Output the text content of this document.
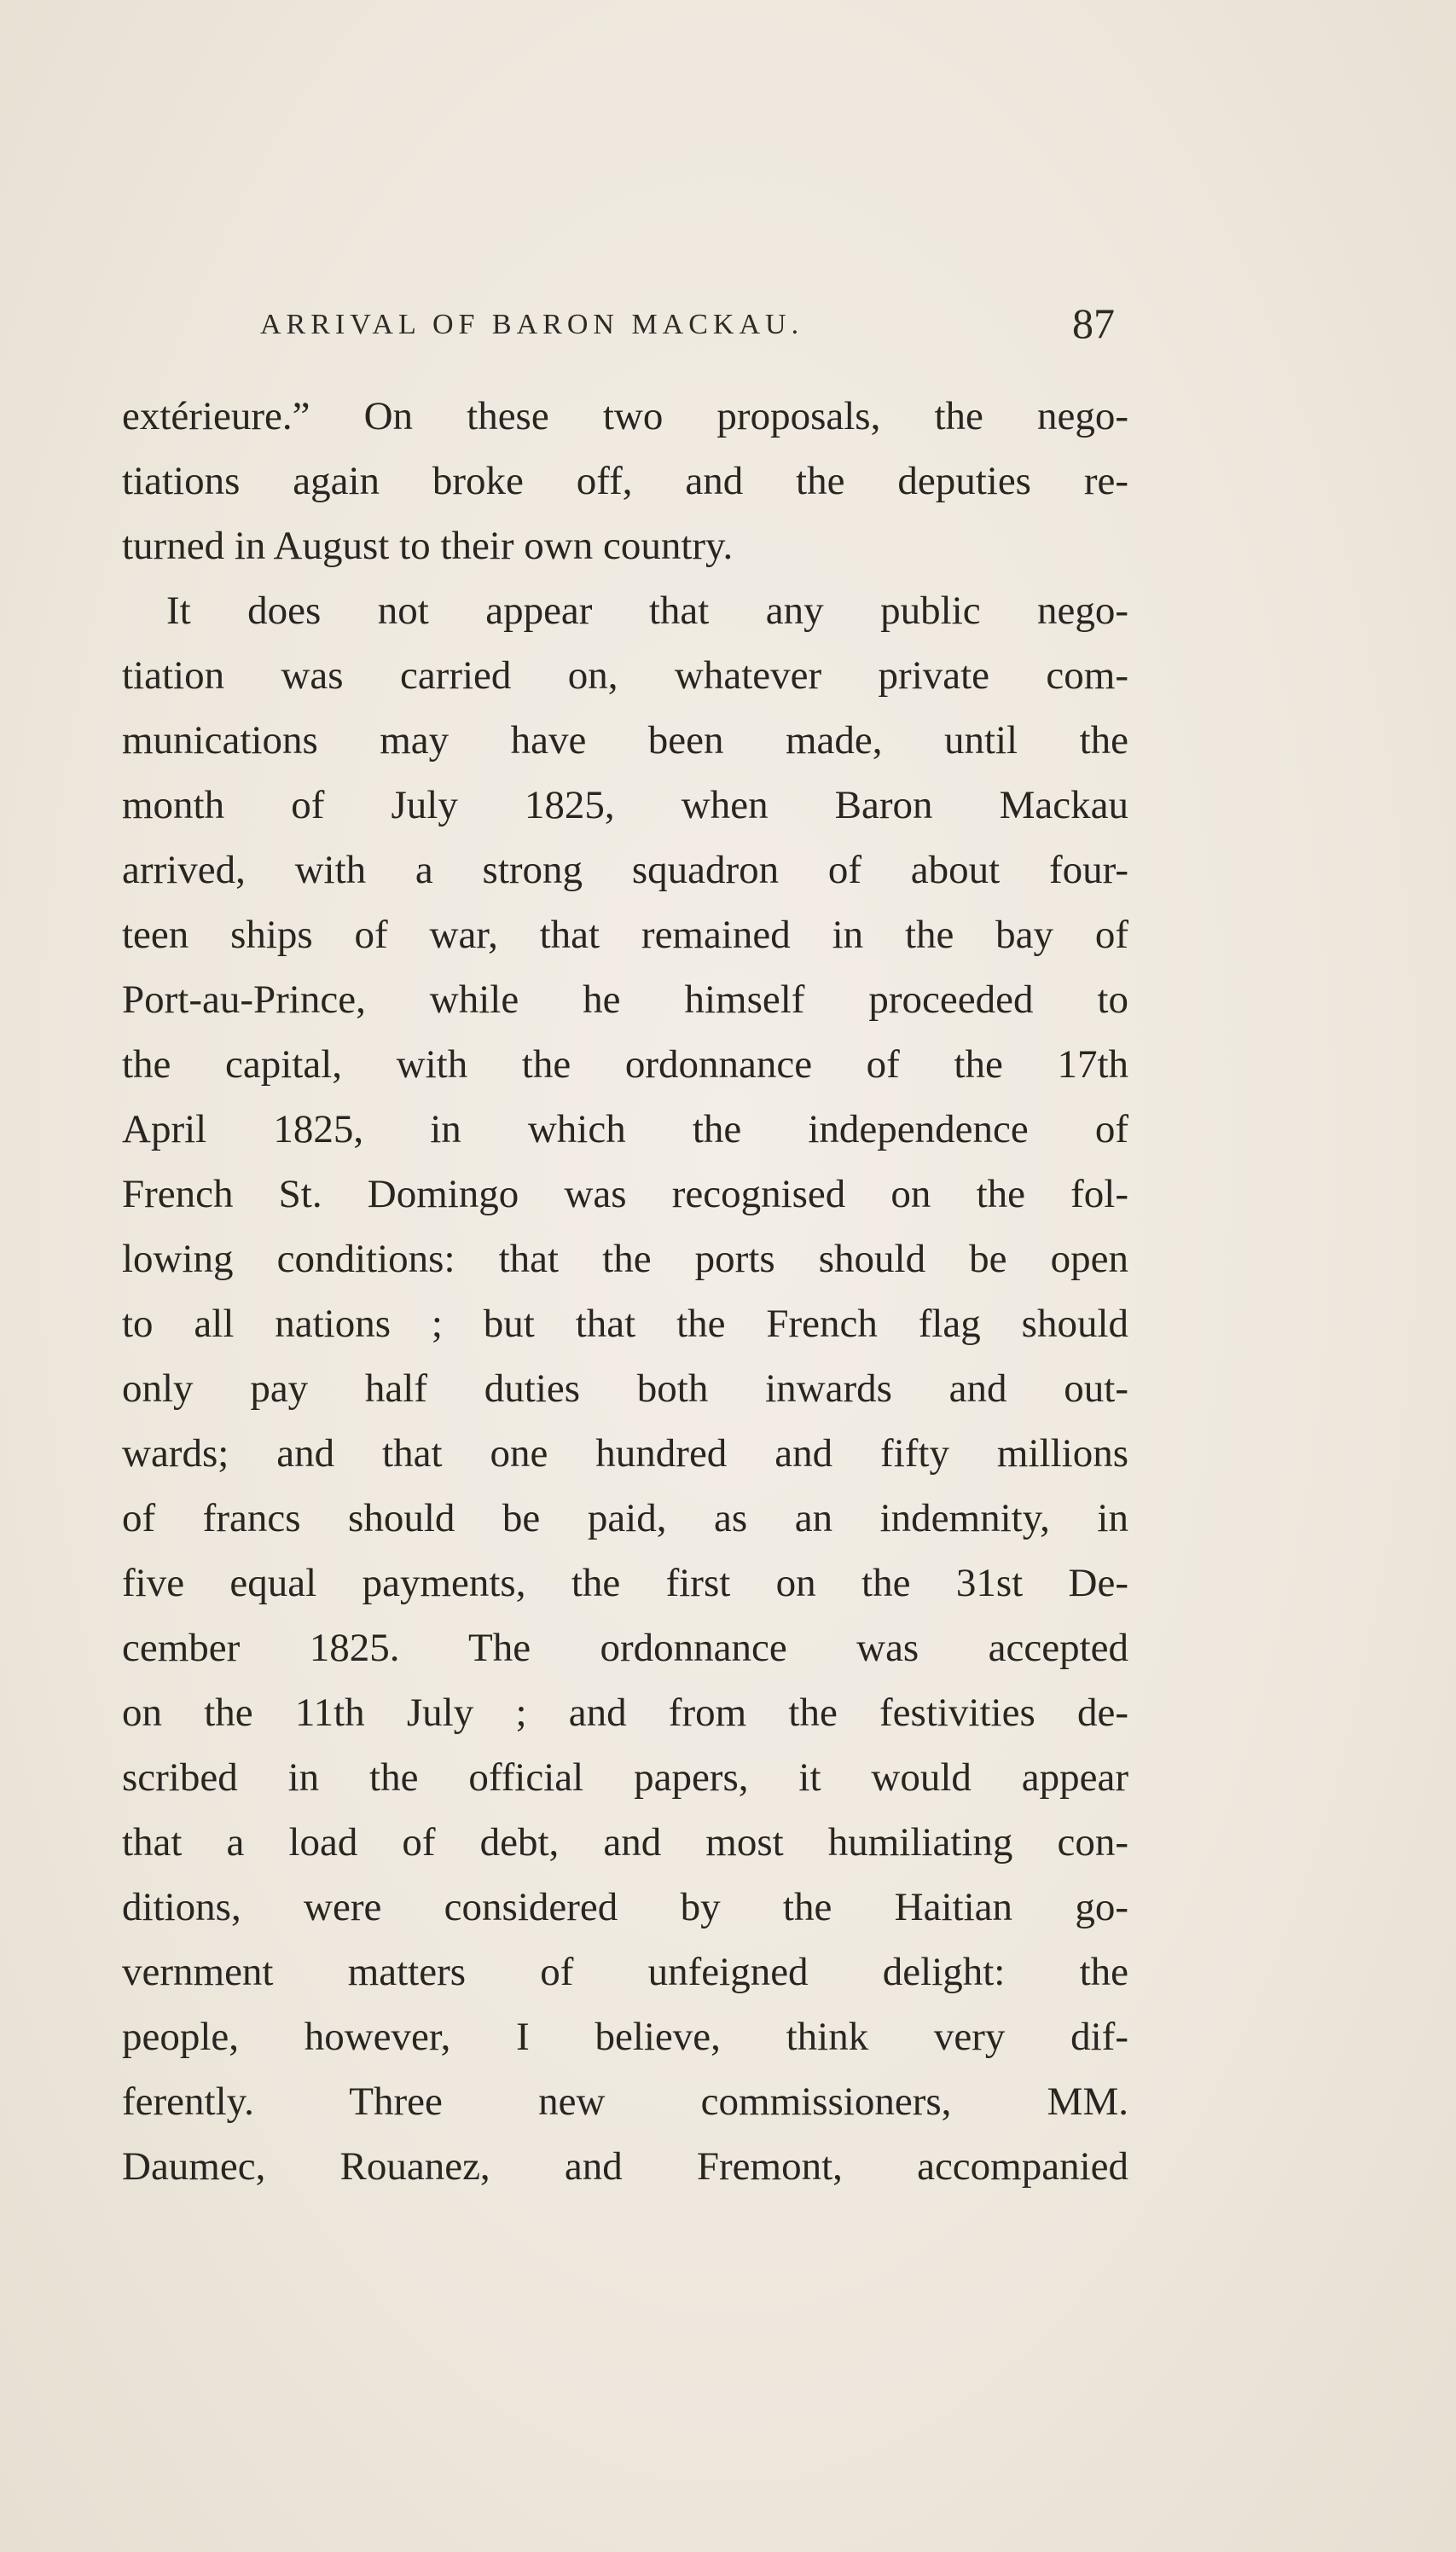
ARRIVAL OF BARON MACKAU.	87
extérieure.” On these two proposals, the nego-
tiations again broke off, and the deputies re-
turned in August to their own country.
It does not appear that any public nego-
tiation was carried on, whatever private com-
munications may have been made, until the
month of July 1825, when Baron Mackau
arrived, with a strong squadron of about four-
teen ships of war, that remained in the bay of
Port-au-Prince, while he himself proceeded to
the capital, with the ordonnance of the 17th
April 1825, in which the independence of
French St. Domingo was recognised on the fol-
lowing conditions: that the ports should be open
to all nations ; but that the French flag should
only pay half duties both inwards and out-
wards; and that one hundred and fifty millions
of francs should be paid, as an indemnity, in
five equal payments, the first on the 31st De-
cember 1825. The ordonnance was accepted
on the 11th July ; and from the festivities de-
scribed in the official papers, it would appear
that a load of debt, and most humiliating con-
ditions, were considered by the Haitian go-
vernment matters of unfeigned delight: the
people, however, I believe, think very dif-
ferently. Three new commissioners, MM.
Daumec, Rouanez, and Fremont, accompanied
